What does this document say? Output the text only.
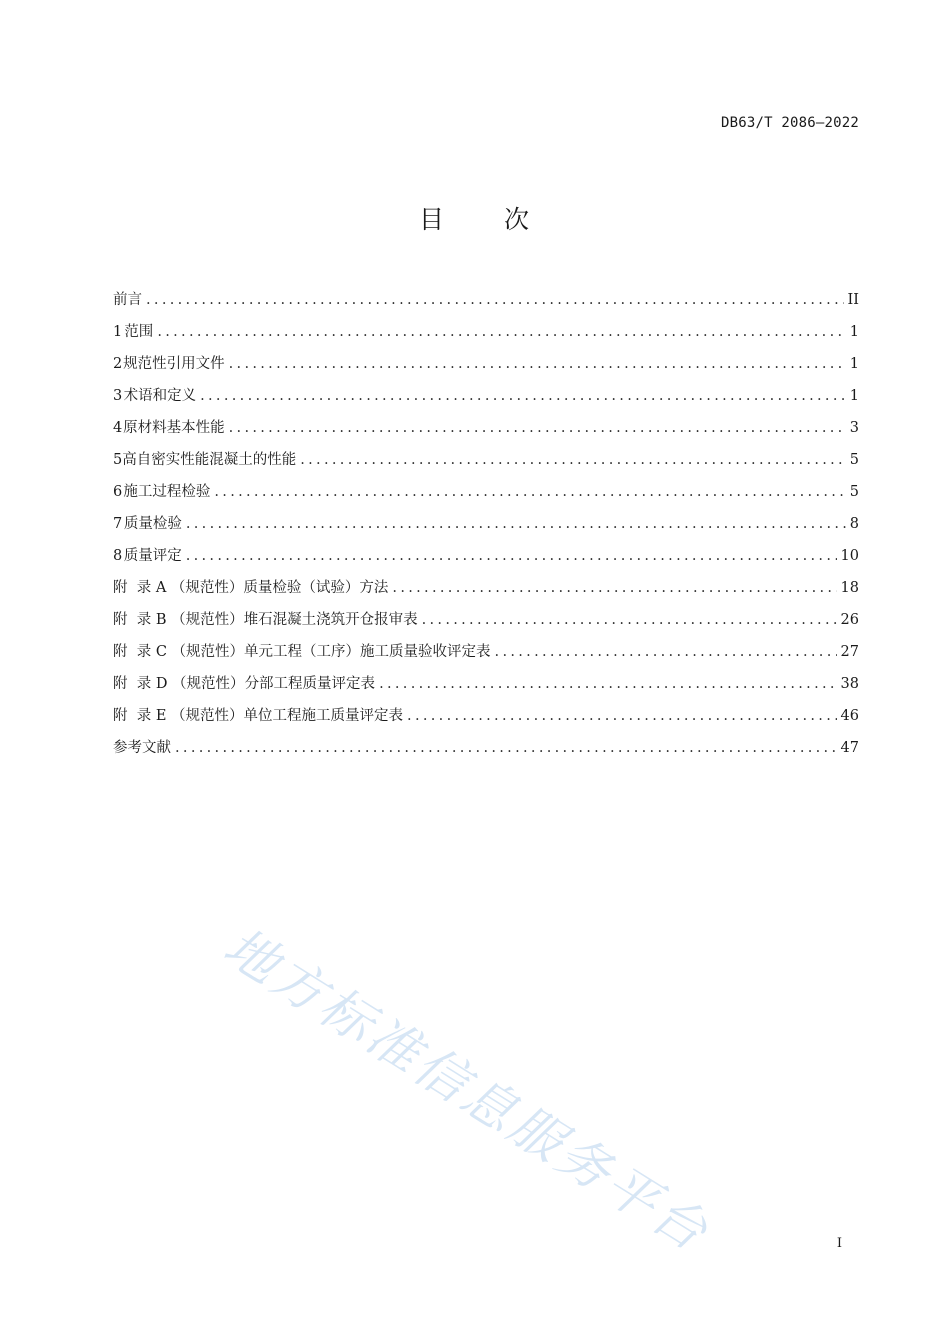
DB63/T 2086—2022
目 次
前言 .....	II
1 范围 .....	1
2 规范性引用文件 .....	1
3 术语和定义 .....	1
4 原材料基本性能 .....	3
5 高自密实性能混凝土的性能 .....	5
6 施工过程检验 .....	5
7 质量检验 .....	8
8 质量评定 .....	10
附  录 A （规范性） 质量检验（试验）方法 .....	18
附  录 B （规范性） 堆石混凝土浇筑开仓报审表 .....	26
附  录 C （规范性） 单元工程（工序）施工质量验收评定表 .....	27
附  录 D （规范性） 分部工程质量评定表 .....	38
附  录 E （规范性） 单位工程施工质量评定表 .....	46
参考文献 .....	47
地方标准信息服务平台	I
